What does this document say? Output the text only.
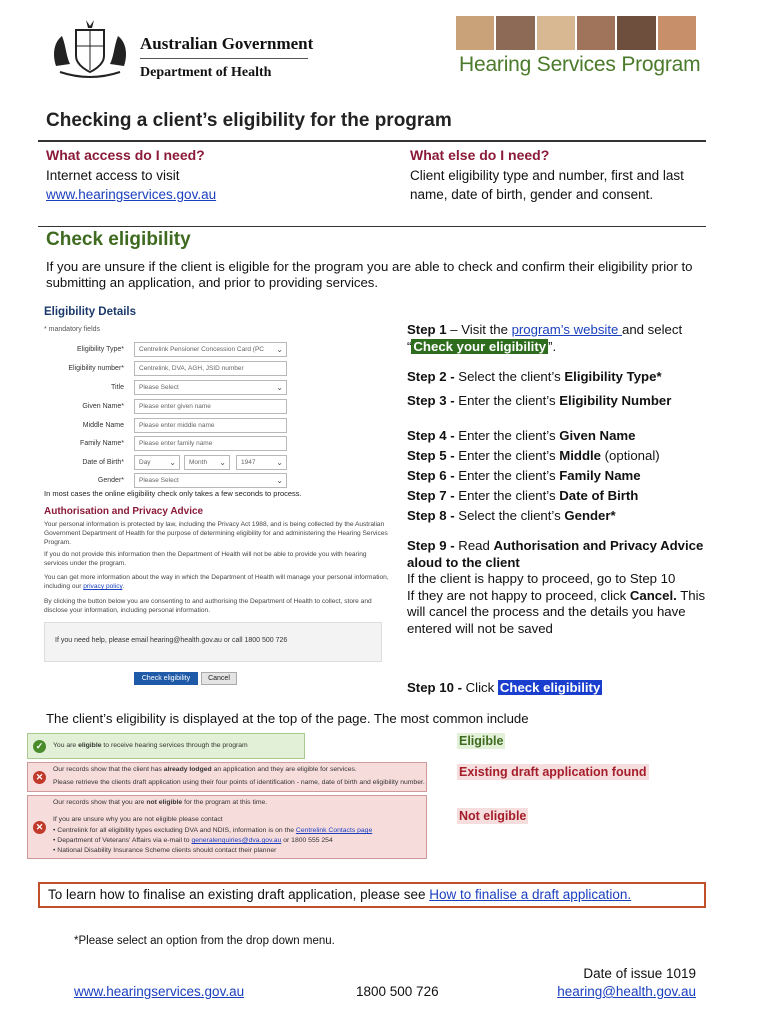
Australian Government
Department of Health	Hearing Services Program
Checking a client’s eligibility for the program
What access do I need?
Internet access to visit
www.hearingservices.gov.au
What else do I need?
Client eligibility type and number, first and last name, date of birth, gender and consent.
Check eligibility
If you are unsure if the client is eligible for the program you are able to check and confirm their eligibility prior to submitting an application, and prior to providing services.
Eligibility Details
* mandatory fields
Eligibility Type*	Centrelink Pensioner Concession Card (PC ⌄
Eligibility number*	Centrelink, DVA, AGH, JSID number
Title	Please Select	⌄
Given Name*	Please enter given name
Middle Name	Please enter middle name
Family Name*	Please enter family name
Date of Birth*	Day ⌄	Month ⌄	1947	⌄
Gender*	Please Select	⌄
In most cases the online eligibility check only takes a few seconds to process.
Authorisation and Privacy Advice
Your personal information is protected by law, including the Privacy Act 1988, and is being collected by the Australian Government Department of Health for the purpose of determining eligibility for and administering the Hearing Services Program.
If you do not provide this information then the Department of Health will not be able to provide you with hearing services under the program.
You can get more information about the way in which the Department of Health will manage your personal information, including our privacy policy.
By clicking the button below you are consenting to and authorising the Department of Health to collect, store and disclose your information, including personal information.
If you need help, please email hearing@health.gov.au or call 1800 500 726
Check eligibility	Cancel
Step 1 – Visit the program’s website and select “ Check your eligibility ”.
Step 2 - Select the client’s Eligibility Type*
Step 3 - Enter the client’s Eligibility Number
Step 4 - Enter the client’s Given Name
Step 5 - Enter the client’s Middle (optional)
Step 6 - Enter the client’s Family Name
Step 7 - Enter the client’s Date of Birth
Step 8 - Select the client’s Gender*
Step 9 - Read Authorisation and Privacy Advice aloud to the client
If the client is happy to proceed, go to Step 10
If they are not happy to proceed, click Cancel. This will cancel the process and the details you have entered will not be saved
Step 10 - Click Check eligibility
The client’s eligibility is displayed at the top of the page. The most common include
✓	You are eligible to receive hearing services through the program
✕
Our records show that the client has already lodged an application and they are eligible for services.
Please retrieve the clients draft application using their four points of identification - name, date of birth and eligibility number.
Our records show that you are not eligible for the program at this time.
✕
If you are unsure why you are not eligible please contact
• Centrelink for all eligibility types excluding DVA and NDIS, information is on the Centrelink Contacts page
• Department of Veterans' Affairs via e-mail to generalenquiries@dva.gov.au or 1800 555 254
• National Disability Insurance Scheme clients should contact their planner
Eligible
Existing draft application found
Not eligible
To learn how to finalise an existing draft application, please see How to finalise a draft application.
*Please select an option from the drop down menu.
Date of issue 1019
www.hearingservices.gov.au	1800 500 726	hearing@health.gov.au
